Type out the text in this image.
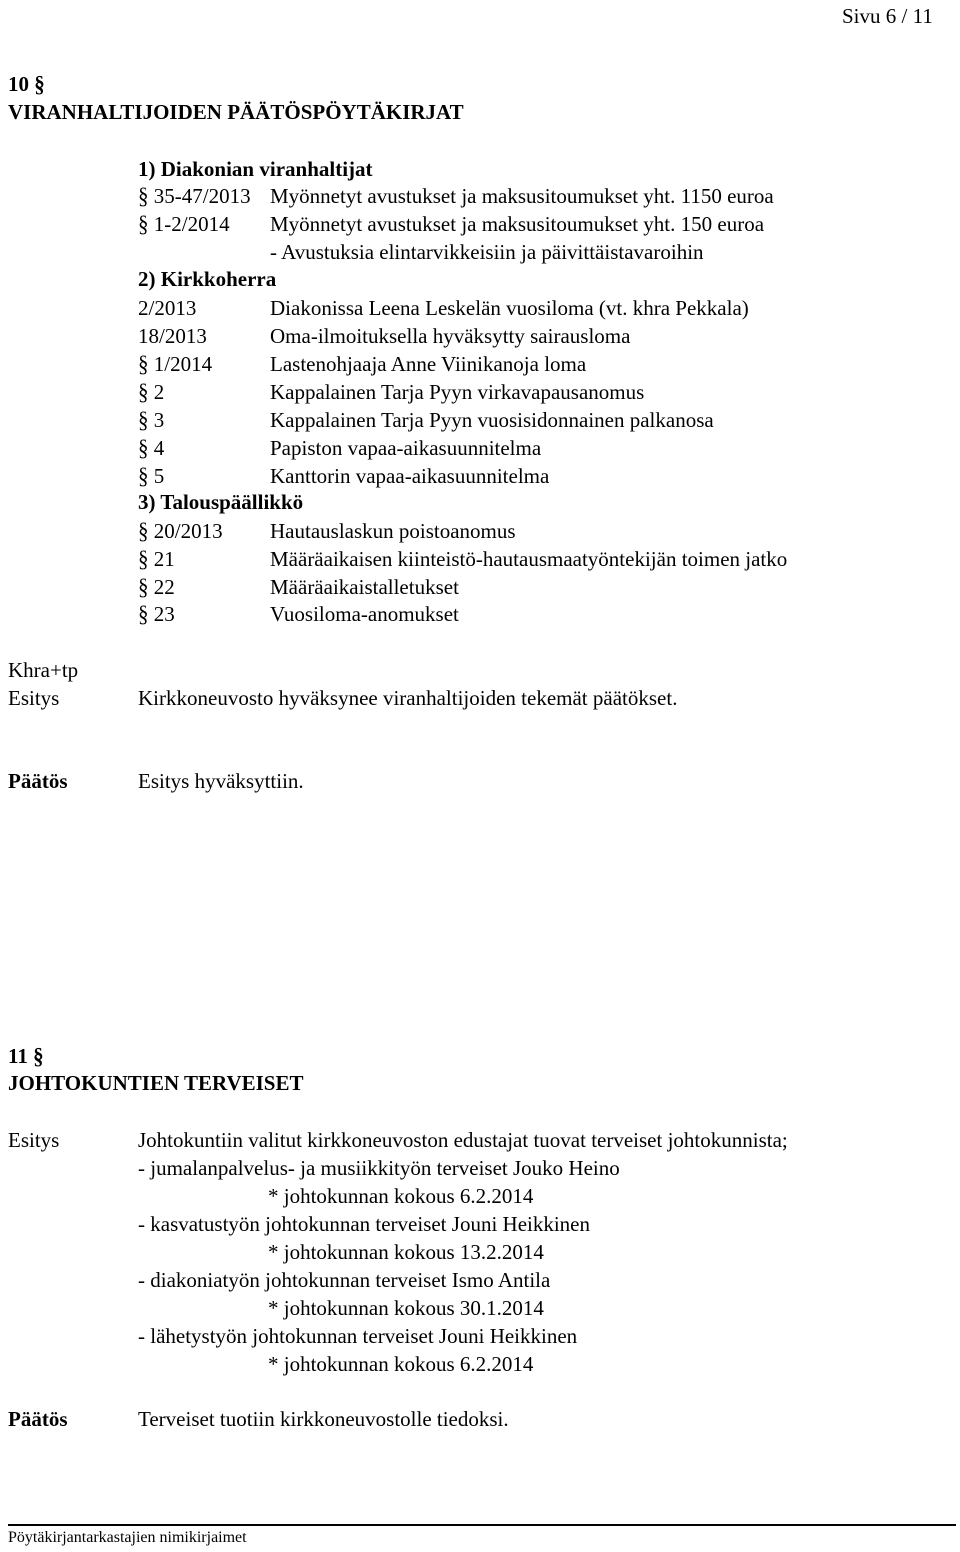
Sivu 6 / 11
10 §
VIRANHALTIJOIDEN PÄÄTÖSPÖYTÄKIRJAT
1) Diakonian viranhaltijat
§ 35-47/2013 Myönnetyt avustukset ja maksusitoumukset yht. 1150 euroa
§ 1-2/2014 Myönnetyt avustukset ja maksusitoumukset yht. 150 euroa
- Avustuksia elintarvikkeisiin ja päivittäistavaroihin
2) Kirkkoherra
2/2013	Diakonissa Leena Leskelän vuosiloma (vt. khra Pekkala)
18/2013	Oma-ilmoituksella hyväksytty sairausloma
§ 1/2014	Lastenohjaaja Anne Viinikanoja loma
§ 2	Kappalainen Tarja Pyyn virkavapausanomus
§ 3	Kappalainen Tarja Pyyn vuosisidonnainen palkanosa
§ 4	Papiston vapaa-aikasuunnitelma
§ 5	Kanttorin vapaa-aikasuunnitelma
3) Talouspäällikkö
§ 20/2013 Hautauslaskun poistoanomus
§ 21	Määräaikaisen kiinteistö-hautausmaatyöntekijän toimen jatko
§ 22	Määräaikaistalletukset
§ 23	Vuosiloma-anomukset
Khra+tp
Esitys	Kirkkoneuvosto hyväksynee viranhaltijoiden tekemät päätökset.
Päätös	Esitys hyväksyttiin.
11 §
JOHTOKUNTIEN TERVEISET
Esitys	Johtokuntiin valitut kirkkoneuvoston edustajat tuovat terveiset johtokunnista;
- jumalanpalvelus- ja musiikkityön terveiset Jouko Heino
* johtokunnan kokous 6.2.2014
- kasvatustyön johtokunnan terveiset Jouni Heikkinen
* johtokunnan kokous 13.2.2014
- diakoniatyön johtokunnan terveiset Ismo Antila
* johtokunnan kokous 30.1.2014
- lähetystyön johtokunnan terveiset Jouni Heikkinen
* johtokunnan kokous 6.2.2014
Päätös	Terveiset tuotiin kirkkoneuvostolle tiedoksi.
Pöytäkirjantarkastajien nimikirjaimet
